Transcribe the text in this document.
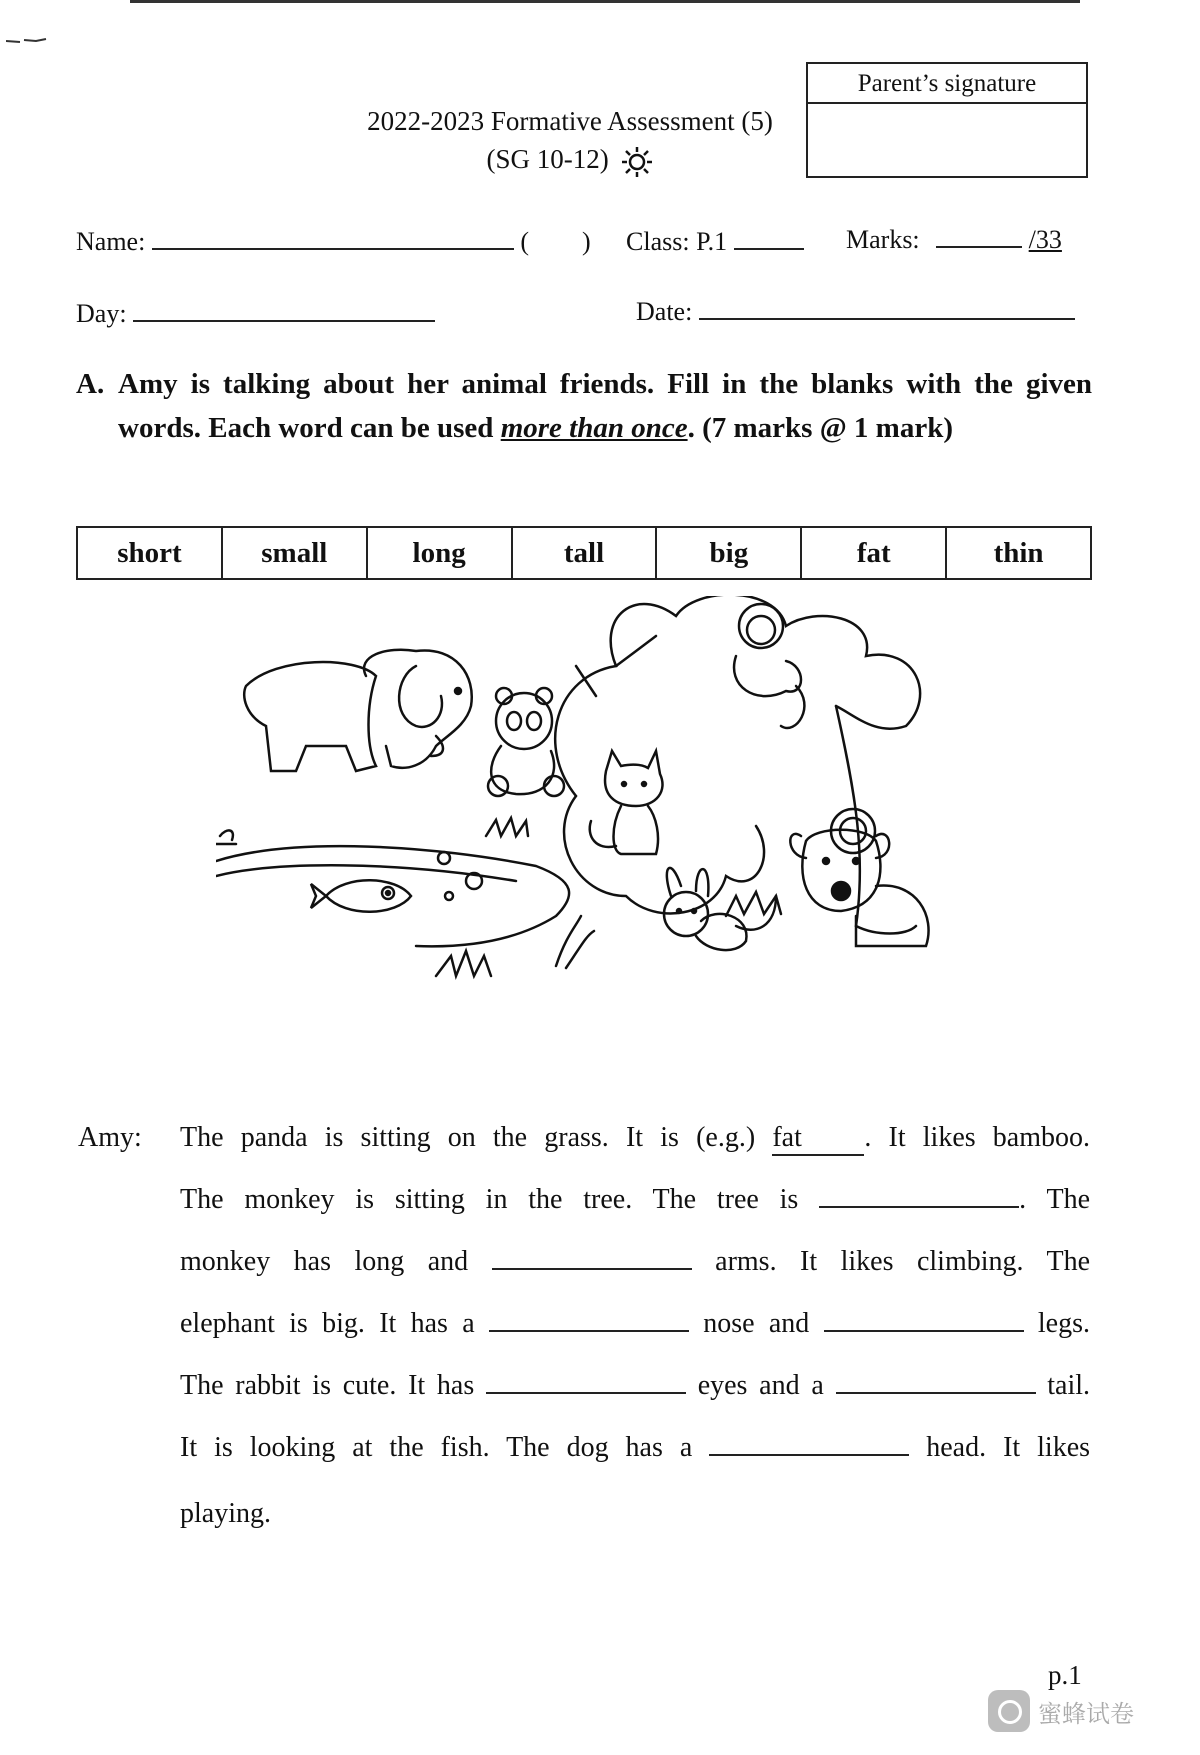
Parent’s signature
2022-2023 Formative Assessment (5)
(SG 10-12)
Name:	( ) Class: P.1	Marks:	/33
Day:	Date:
A. Amy is talking about her animal friends. Fill in the blanks with the given words. Each word can be used more than once. (7 marks @ 1 mark)
short	small	long	tall	big	fat	thin
Amy: The panda is sitting on the grass. It is (e.g.) fat . It likes bamboo.
The monkey is sitting in the tree. The tree is	. The
monkey has long and	arms. It likes climbing. The
elephant is big. It has a	nose and	legs.
The rabbit is cute. It has	eyes and a	tail.
It is looking at the fish. The dog has a	head. It likes
playing.
p.1
蜜蜂试卷
